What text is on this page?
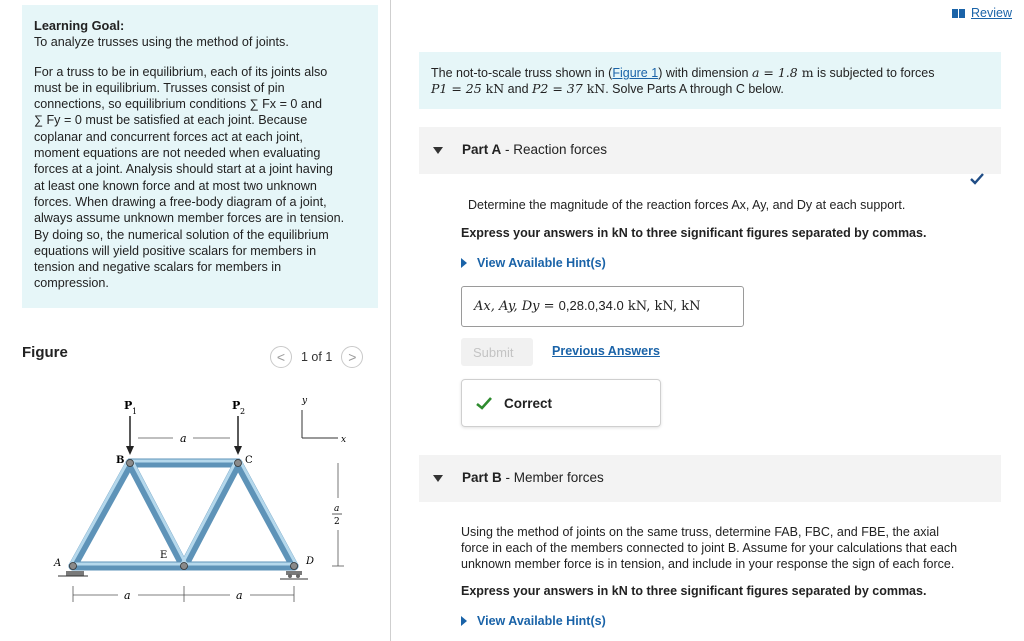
Learning Goal:

To analyze trusses using the method of joints.

For a truss to be in equilibrium, each of its joints also

must be in equilibrium. Trusses consist of pin

connections, so equilibrium conditions ∑ Fx = 0 and

∑ Fy = 0 must be satisfied at each joint. Because

coplanar and concurrent forces act at each joint,

moment equations are not needed when evaluating

forces at a joint. Analysis should start at a joint having

at least one known force and at most two unknown

forces. When drawing a free-body diagram of a joint,

always assume unknown member forces are in tension.

By doing so, the numerical solution of the equilibrium

equations will yield positive scalars for members in

tension and negative scalars for members in

compression.

Figure	<	1 of 1	>
P 1	P 2
a
y
x
B	C
E
A	D
a
2
a	a
Review
The not-to-scale truss shown in (Figure 1) with dimension a = 1.8 m is subjected to forces
P1 = 25 kN and P2 = 37 kN. Solve Parts A through C below.
Part A - Reaction forces
Determine the magnitude of the reaction forces Ax, Ay, and Dy at each support.
Express your answers in kN to three significant figures separated by commas.
View Available Hint(s)
Ax, Ay, Dy = 0,28.0,34.0 kN, kN, kN
Submit	Previous Answers
Correct
Part B - Member forces
Using the method of joints on the same truss, determine FAB, FBC, and FBE, the axial
force in each of the members connected to joint B. Assume for your calculations that each
unknown member force is in tension, and include in your response the sign of each force.
Express your answers in kN to three significant figures separated by commas.
View Available Hint(s)
